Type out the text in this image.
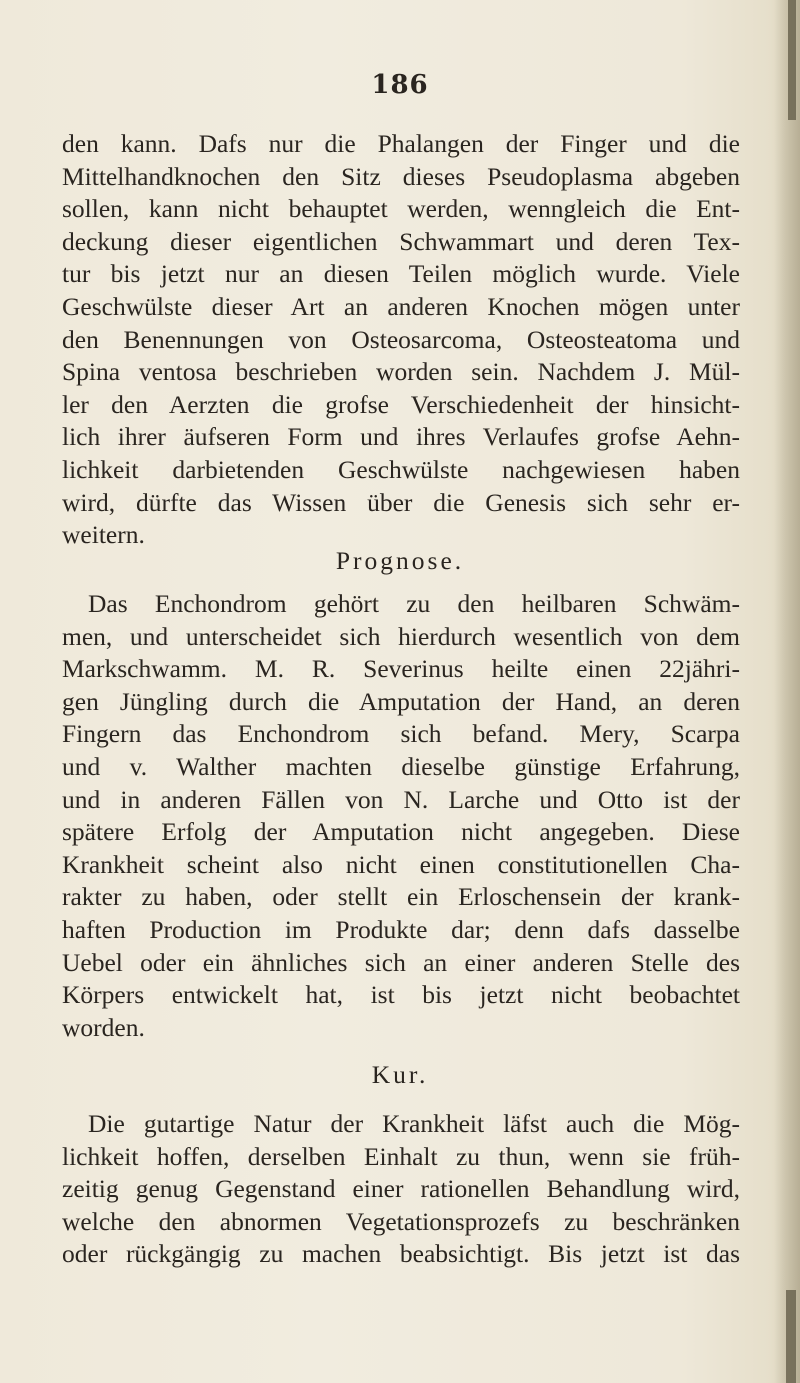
186
den kann. Dafs nur die Phalangen der Finger und die
Mittelhandknochen den Sitz dieses Pseudoplasma abgeben
sollen, kann nicht behauptet werden, wenngleich die Ent-
deckung dieser eigentlichen Schwammart und deren Tex-
tur bis jetzt nur an diesen Teilen möglich wurde. Viele
Geschwülste dieser Art an anderen Knochen mögen unter
den Benennungen von Osteosarcoma, Osteosteatoma und
Spina ventosa beschrieben worden sein. Nachdem J. Mül-
ler den Aerzten die grofse Verschiedenheit der hinsicht-
lich ihrer äufseren Form und ihres Verlaufes grofse Aehn-
lichkeit darbietenden Geschwülste nachgewiesen haben
wird, dürfte das Wissen über die Genesis sich sehr er-
weitern.
Prognose.
Das Enchondrom gehört zu den heilbaren Schwäm-
men, und unterscheidet sich hierdurch wesentlich von dem
Markschwamm. M. R. Severinus heilte einen 22jähri-
gen Jüngling durch die Amputation der Hand, an deren
Fingern das Enchondrom sich befand. Mery, Scarpa
und v. Walther machten dieselbe günstige Erfahrung,
und in anderen Fällen von N. Larche und Otto ist der
spätere Erfolg der Amputation nicht angegeben. Diese
Krankheit scheint also nicht einen constitutionellen Cha-
rakter zu haben, oder stellt ein Erloschensein der krank-
haften Production im Produkte dar; denn dafs dasselbe
Uebel oder ein ähnliches sich an einer anderen Stelle des
Körpers entwickelt hat, ist bis jetzt nicht beobachtet
worden.
Kur.
Die gutartige Natur der Krankheit läfst auch die Mög-
lichkeit hoffen, derselben Einhalt zu thun, wenn sie früh-
zeitig genug Gegenstand einer rationellen Behandlung wird,
welche den abnormen Vegetationsprozefs zu beschränken
oder rückgängig zu machen beabsichtigt. Bis jetzt ist das
